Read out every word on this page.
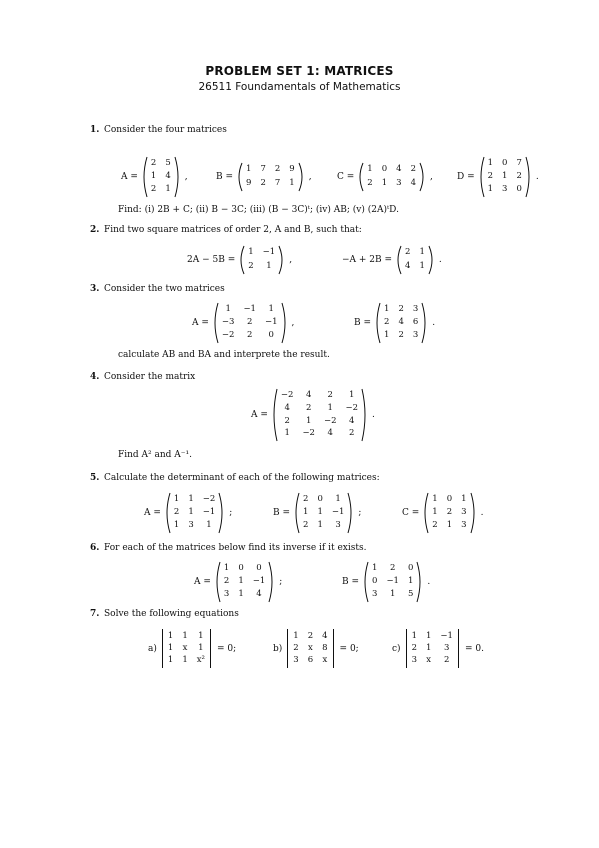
PROBLEM SET 1: MATRICES
26511 Foundamentals of Mathematics
1. Consider the four matrices
A =
2 5
1 4
2 1
,	B =
1 7 2 9
9 2 7 1
,	C =
1 0 4 2
2 1 3 4
,	D =
1 0 7
2 1 2
1 3 0
.
Find: (i) 2B + C; (ii) B − 3C; (iii) (B − 3C)ᵗ; (iv) AB; (v) (2A)ᵗD.
2. Find two square matrices of order 2, A and B, such that:
2A − 5B =
1 −1
2	1
,	−A + 2B =
2 1
4 1
.
3. Consider the two matrices
A =
1	−1	1
−3	2	−1
−2	2	0
,	B =
1 2 3
2 4 6
1 2 3
.
calculate AB and BA and interprete the result.
4. Consider the matrix
A =
−2	4	2	1
4	2	1	−2
2	1	−2	4
1	−2	4	2
.
Find A² and A⁻¹.
5. Calculate the determinant of each of the following matrices:
A =
1 1 −2
2 1 −1
1 3	1
;	B =
2 0	1
1 1 −1
2 1	3
;	C =
1 0 1
1 2 3
2 1 3
.
6. For each of the matrices below find its inverse if it exists.
A =
1 0	0
2 1 −1
3 1	4
;	B =
1	2	0
0 −1 1
3	1	5
.
7. Solve the following equations
a)
1 1 1
1 x 1
1 1 x²
= 0;	b)
1 2 4
2 x 8
3 6 x
= 0;	c)
1 1 −1
2 1	3
3 x	2
= 0.
